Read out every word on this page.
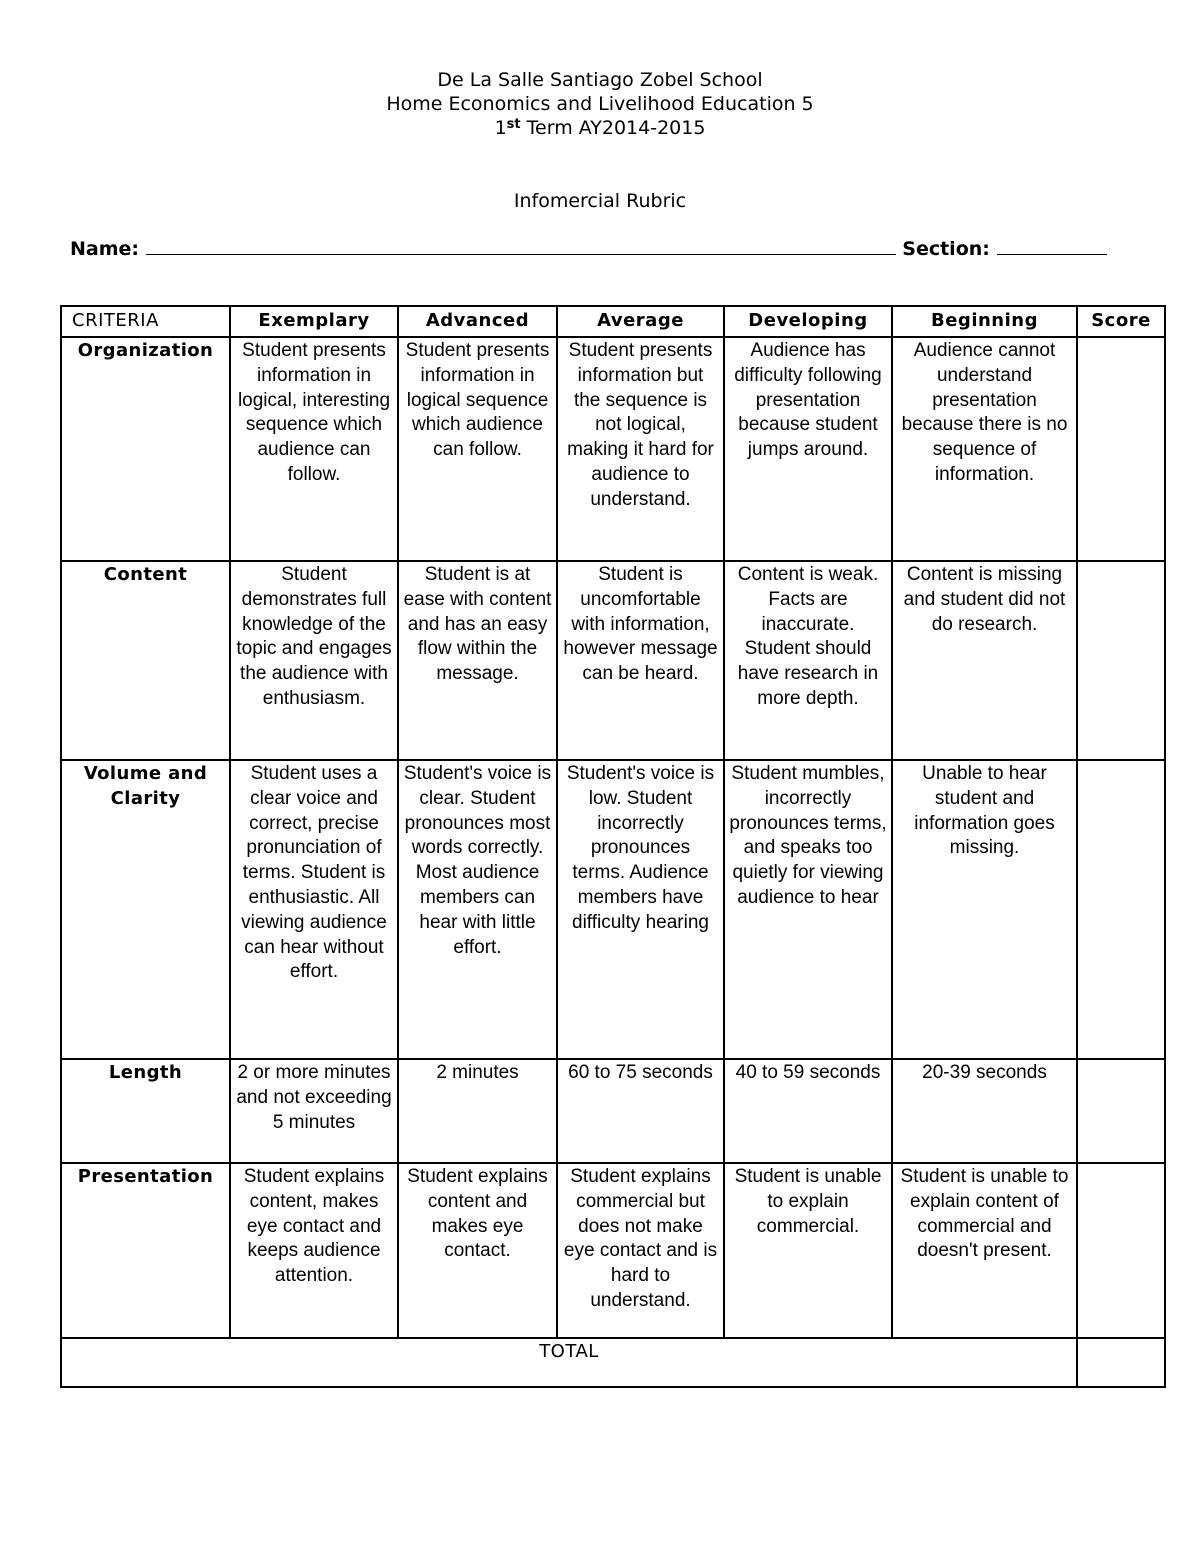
De La Salle Santiago Zobel School
Home Economics and Livelihood Education 5
1st Term AY2014-2015
Infomercial Rubric
Name:	Section:
CRITERIA	Exemplary	Advanced	Average	Developing	Beginning	Score
Organization	Student presents information in logical, interesting sequence which audience can follow.	Student presents information in logical sequence which audience can follow.	Student presents information but the sequence is not logical, making it hard for audience to understand.	Audience has difficulty following presentation because student jumps around.	Audience cannot understand presentation because there is no sequence of information.	
Content	Student demonstrates full knowledge of the topic and engages the audience with enthusiasm.	Student is at ease with content and has an easy flow within the message.	Student is uncomfortable with information, however message can be heard.	Content is weak. Facts are inaccurate. Student should have research in more depth.	Content is missing and student did not do research.	
Volume and Clarity	Student uses a clear voice and correct, precise pronunciation of terms. Student is enthusiastic. All viewing audience can hear without effort.	Student's voice is clear. Student pronounces most words correctly. Most audience members can hear with little effort.	Student's voice is low. Student incorrectly pronounces terms. Audience members have difficulty hearing	Student mumbles, incorrectly pronounces terms, and speaks too quietly for viewing audience to hear	Unable to hear student and information goes missing.	
Length	2 or more minutes and not exceeding 5 minutes	2 minutes	60 to 75 seconds	40 to 59 seconds	20-39 seconds	
Presentation	Student explains content, makes eye contact and keeps audience attention.	Student explains content and makes eye contact.	Student explains commercial but does not make eye contact and is hard to understand.	Student is unable to explain commercial.	Student is unable to explain content of commercial and doesn't present.	
TOTAL						
